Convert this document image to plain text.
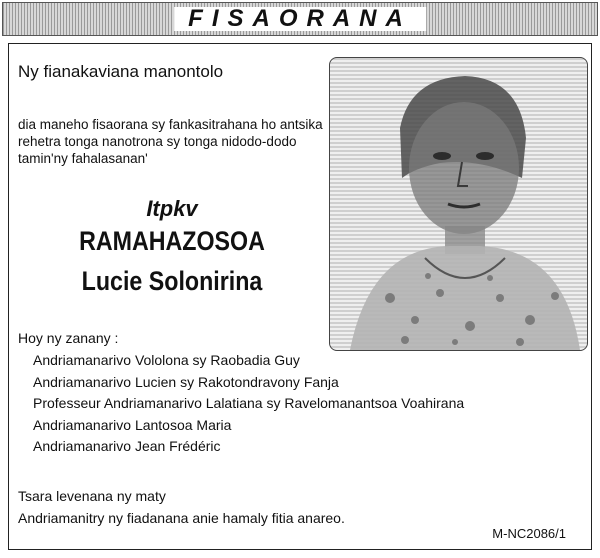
FISAORANA
Ny fianakaviana manontolo
dia maneho fisaorana sy fankasitrahana ho antsika rehetra tonga nanotrona sy tonga nidodo-dodo tamin'ny fahalasanan'
Itpkv
RAMAHAZOSOA
Lucie Solonirina
Hoy ny zanany :
Andriamanarivo Vololona sy Raobadia Guy
Andriamanarivo Lucien sy Rakotondravony Fanja
Professeur Andriamanarivo Lalatiana sy Ravelomanantsoa Voahirana
Andriamanarivo Lantosoa Maria
Andriamanarivo Jean Frédéric
Tsara levenana ny maty
Andriamanitry ny fiadanana anie hamaly fitia anareo.
M-NC2086/1
